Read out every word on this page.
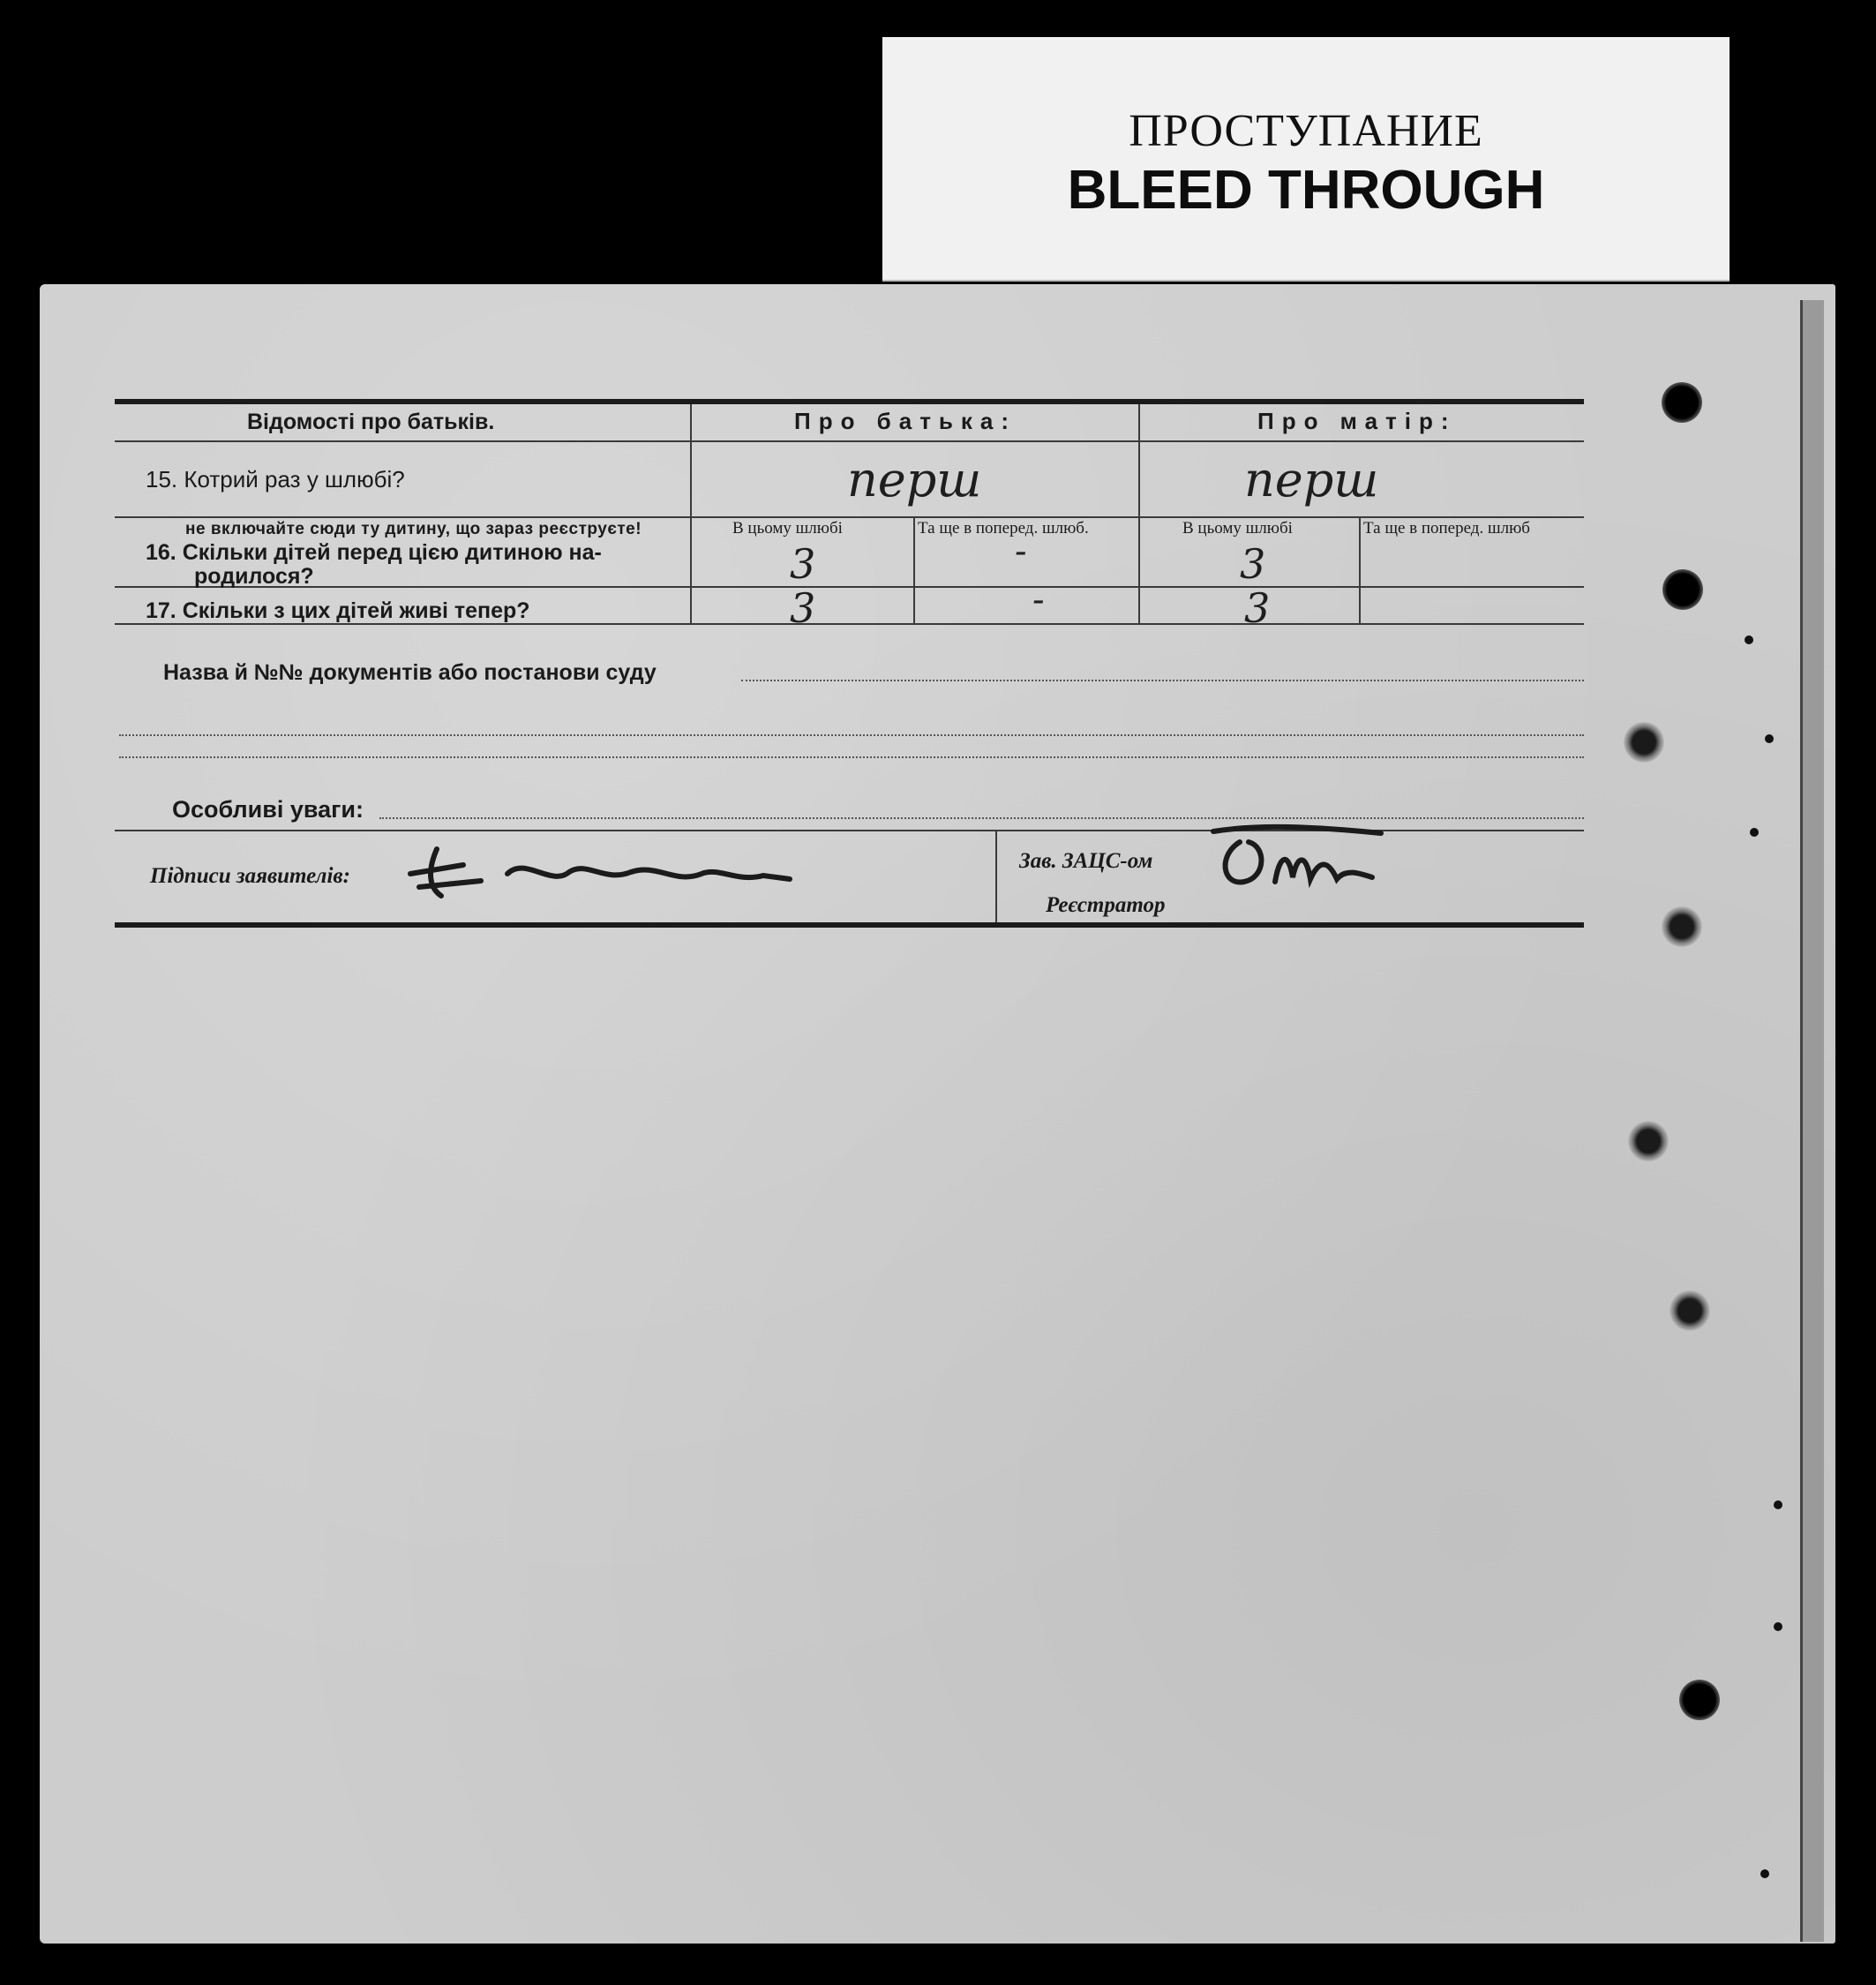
ПРОСТУПАНИЕ
BLEED THROUGH
Відомості про батьків.	Про батька:	Про матір:
15. Котрий раз у шлюбі?	перш	перш
не включайте сюди ту дитину, що зараз реєструєте!	В цьому шлюбі	Та ще в попеpед. шлюб.	В цьому шлюбі	Та ще в попеpед. шлюб
16. Скільки дітей перед цією дитиною на-
родилося?	3	-	3
17. Скільки з цих дітей живі тепер?	3	-	3
Назва й №№ документів або постанови суду
Особливі уваги:
Підписи заявителів:
Зав. ЗАЦС-ом
Реєстратор
